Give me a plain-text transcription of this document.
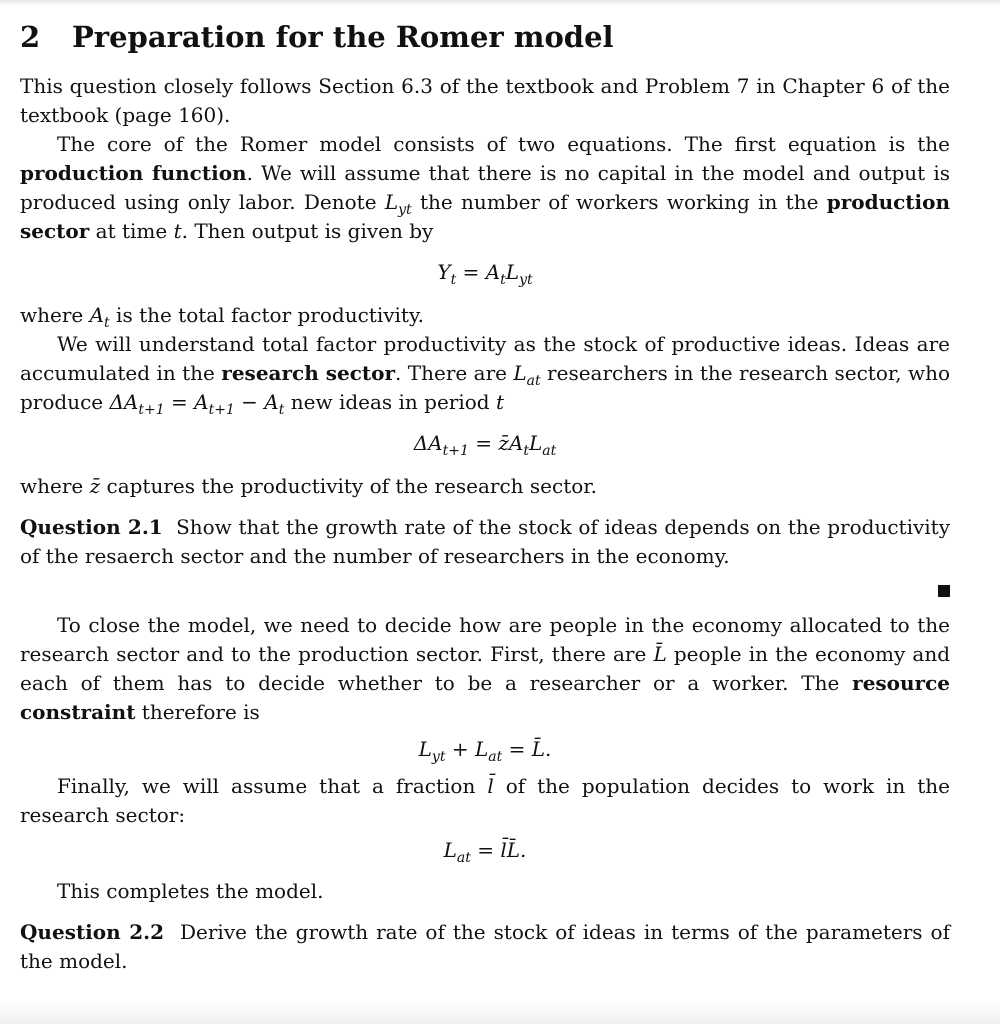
2 Preparation for the Romer model

This question closely follows Section 6.3 of the textbook and Problem 7 in Chapter 6 of the textbook (page 160).

The core of the Romer model consists of two equations. The first equation is the production function. We will assume that there is no capital in the model and output is produced using only labor. Denote $L_{yt}$ the number of workers working in the production sector at time t. Then output is given by

$Y_t = A_tL_{yt}$

where $A_t$ is the total factor productivity.

We will understand total factor productivity as the stock of productive ideas. Ideas are accumulated in the research sector. There are $L_{at}$ researchers in the research sector, who produce $\Delta A_{t+1} = A_{t+1} - A_t$ new ideas in period t

$\Delta A_{t+1}$ = $z̄A_tL_{at}$

where z̄ captures the productivity of the research sector.

Question 2.1 Show that the growth rate of the stock of ideas depends on the productivity of the resaerch sector and the number of researchers in the economy.

To close the model, we need to decide how are people in the economy allocated to the research sector and to the production sector. First, there are L̄ people in the economy and each of them has to decide whether to be a researcher or a worker. The resource constraint therefore is

$L_{yt} + L_{at}$ = L̄.

Finally, we will assume that a fraction l̄ of the population decides to work in the research sector:

$L_{at}$ = l̄L̄.

This completes the model.

Question 2.2 Derive the growth rate of the stock of ideas in terms of the parameters of the model.
